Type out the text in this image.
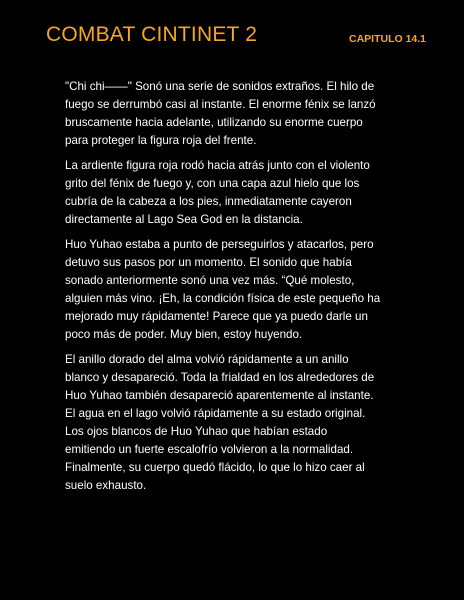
COMBAT CINTINET 2	CAPITULO 14.1

"Chi chi——" Sonó una serie de sonidos extraños. El hilo de
fuego se derrumbó casi al instante. El enorme fénix se lanzó
bruscamente hacia adelante, utilizando su enorme cuerpo
para proteger la figura roja del frente.

La ardiente figura roja rodó hacia atrás junto con el violento
grito del fénix de fuego y, con una capa azul hielo que los
cubría de la cabeza a los pies, inmediatamente cayeron
directamente al Lago Sea God en la distancia.

Huo Yuhao estaba a punto de perseguirlos y atacarlos, pero
detuvo sus pasos por un momento. El sonido que había
sonado anteriormente sonó una vez más. “Qué molesto,
alguien más vino. ¡Eh, la condición física de este pequeño ha
mejorado muy rápidamente! Parece que ya puedo darle un
poco más de poder. Muy bien, estoy huyendo.

El anillo dorado del alma volvió rápidamente a un anillo
blanco y desapareció. Toda la frialdad en los alrededores de
Huo Yuhao también desapareció aparentemente al instante.
El agua en el lago volvió rápidamente a su estado original.
Los ojos blancos de Huo Yuhao que habían estado
emitiendo un fuerte escalofrío volvieron a la normalidad.
Finalmente, su cuerpo quedó flácido, lo que lo hizo caer al
suelo exhausto.
